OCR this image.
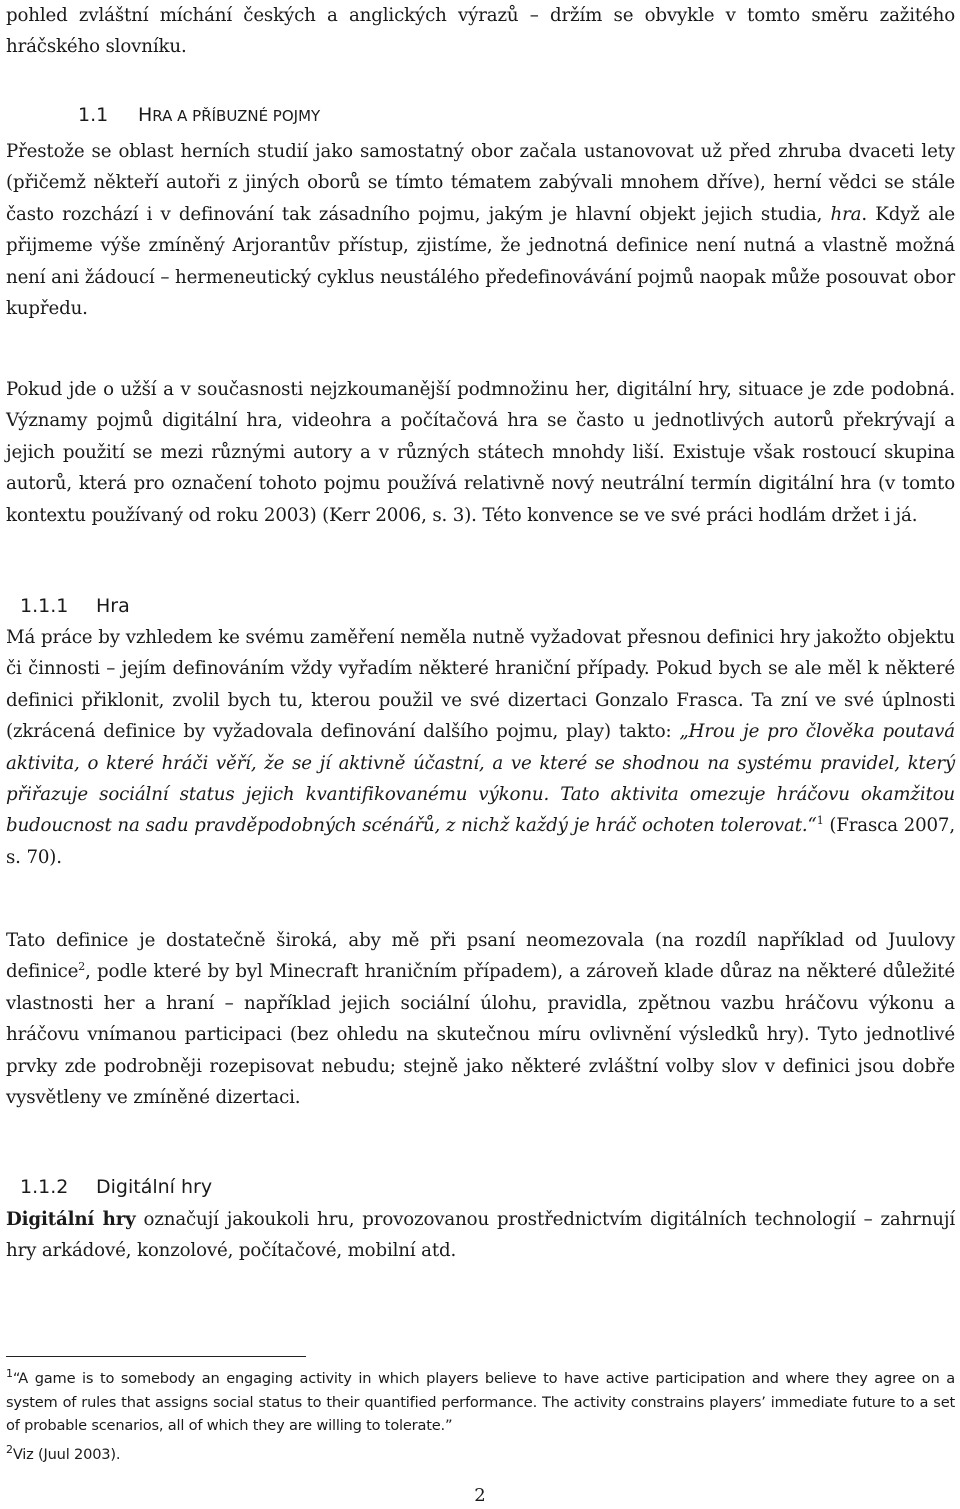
pohled zvláštní míchání českých a anglických výrazů – držím se obvykle v tomto směru zažitého hráčského slovníku.

1.1 HRA A PŘÍBUZNÉ POJMY

Přestože se oblast herních studií jako samostatný obor začala ustanovovat už před zhruba dvaceti lety (přičemž někteří autoři z jiných oborů se tímto tématem zabývali mnohem dříve), herní vědci se stále často rozchází i v definování tak zásadního pojmu, jakým je hlavní objekt jejich studia, hra. Když ale přijmeme výše zmíněný Arjorantův přístup, zjistíme, že jednotná definice není nutná a vlastně možná není ani žádoucí – hermeneutický cyklus neustálého předefinovávání pojmů naopak může posouvat obor kupředu.

Pokud jde o užší a v současnosti nejzkoumanější podmnožinu her, digitální hry, situace je zde podobná. Významy pojmů digitální hra, videohra a počítačová hra se často u jednotlivých autorů překrývají a jejich použití se mezi různými autory a v různých státech mnohdy liší. Existuje však rostoucí skupina autorů, která pro označení tohoto pojmu používá relativně nový neutrální termín digitální hra (v tomto kontextu používaný od roku 2003) (Kerr 2006, s. 3). Této konvence se ve své práci hodlám držet i já.

1.1.1 Hra

Má práce by vzhledem ke svému zaměření neměla nutně vyžadovat přesnou definici hry jakožto objektu či činnosti – jejím definováním vždy vyřadím některé hraniční případy. Pokud bych se ale měl k některé definici přiklonit, zvolil bych tu, kterou použil ve své dizertaci Gonzalo Frasca. Ta zní ve své úplnosti (zkrácená definice by vyžadovala definování dalšího pojmu, play) takto: „Hrou je pro člověka poutavá aktivita, o které hráči věří, že se jí aktivně účastní, a ve které se shodnou na systému pravidel, který přiřazuje sociální status jejich kvantifikovanému výkonu. Tato aktivita omezuje hráčovu okamžitou budoucnost na sadu pravděpodobných scénářů, z nichž každý je hráč ochoten tolerovat.“$^1$ (Frasca 2007, s. 70).

Tato definice je dostatečně široká, aby mě při psaní neomezovala (na rozdíl například od Juulovy definice$^2$, podle které by byl Minecraft hraničním případem), a zároveň klade důraz na některé důležité vlastnosti her a hraní – například jejich sociální úlohu, pravidla, zpětnou vazbu hráčovu výkonu a hráčovu vnímanou participaci (bez ohledu na skutečnou míru ovlivnění výsledků hry). Tyto jednotlivé prvky zde podrobněji rozepisovat nebudu; stejně jako některé zvláštní volby slov v definici jsou dobře vysvětleny ve zmíněné dizertaci.

1.1.2 Digitální hry

Digitální hry označují jakoukoli hru, provozovanou prostřednictvím digitálních technologií – zahrnují hry arkádové, konzolové, počítačové, mobilní atd.

$^1$“A game is to somebody an engaging activity in which players believe to have active participation and where they agree on a system of rules that assigns social status to their quantified performance. The activity constrains players’ immediate future to a set of probable scenarios, all of which they are willing to tolerate.”

$^2$Viz (Juul 2003).

2
